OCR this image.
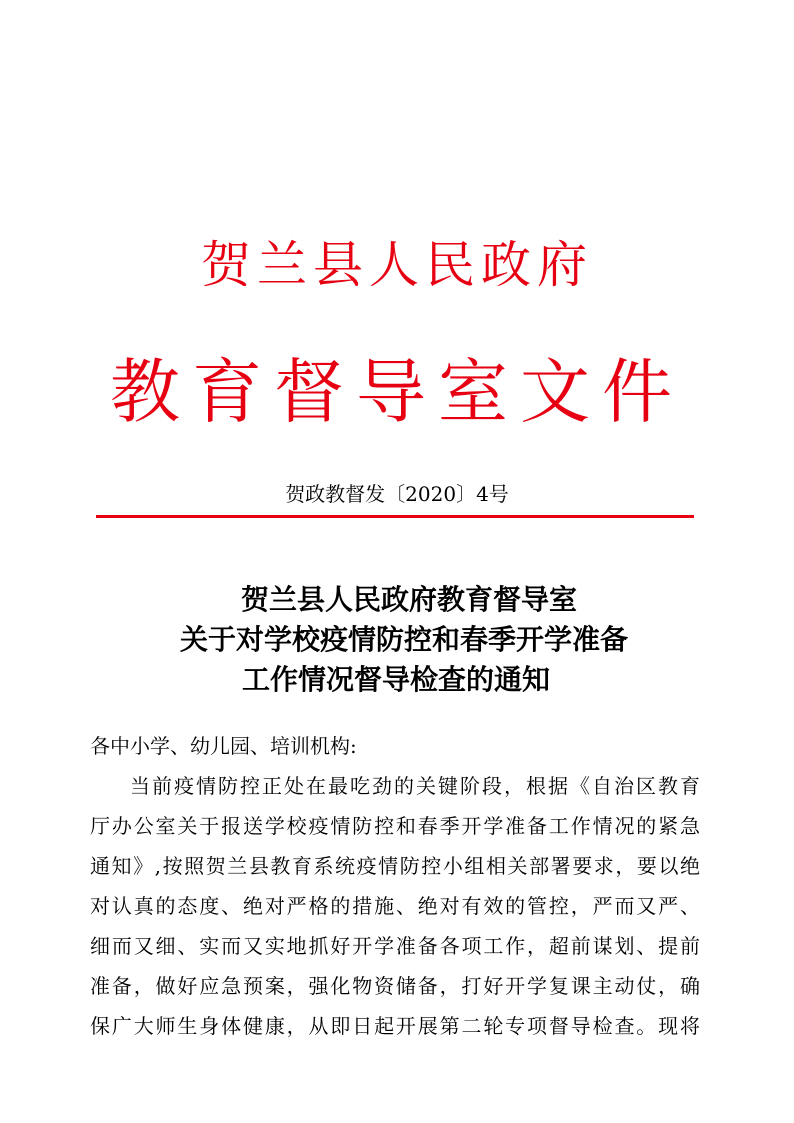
贺兰县人民政府
教育督导室文件
贺政教督发〔2020〕4号
贺兰县人民政府教育督导室
关于对学校疫情防控和春季开学准备
工作情况督导检查的通知
各中小学、幼儿园、培训机构:
当前疫情防控正处在最吃劲的关键阶段，根据《自治区教育
厅办公室关于报送学校疫情防控和春季开学准备工作情况的紧急
通知》,按照贺兰县教育系统疫情防控小组相关部署要求，要以绝
对认真的态度、绝对严格的措施、绝对有效的管控，严而又严、
细而又细、实而又实地抓好开学准备各项工作，超前谋划、提前
准备，做好应急预案，强化物资储备，打好开学复课主动仗，确
保广大师生身体健康，从即日起开展第二轮专项督导检查。现将
